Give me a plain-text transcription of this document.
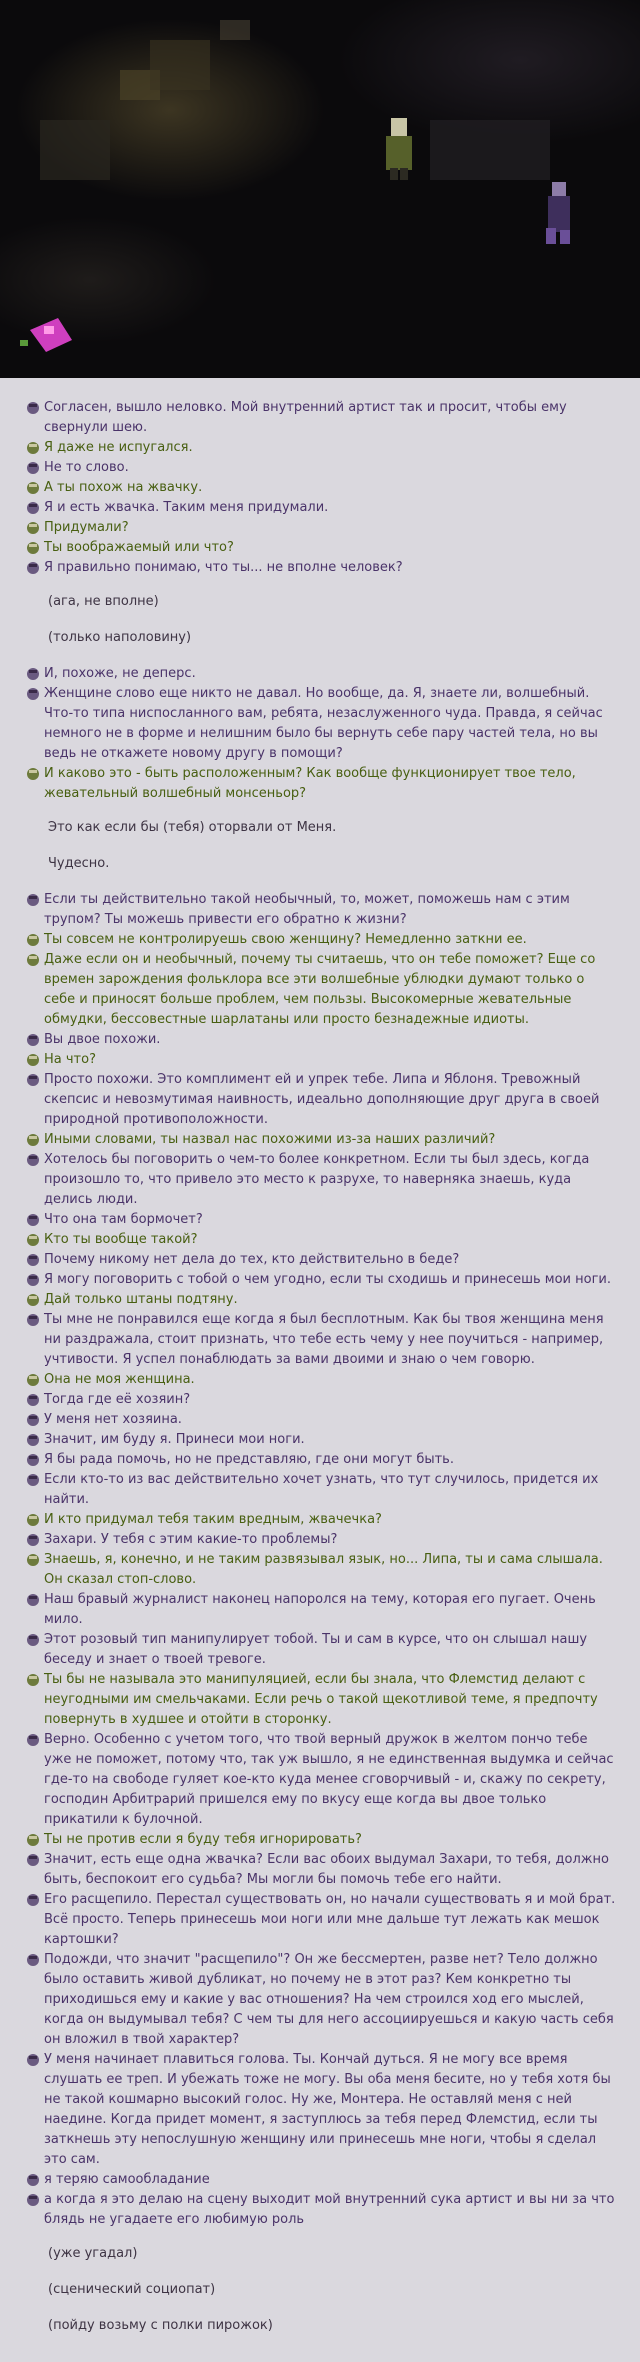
Согласен, вышло неловко. Мой внутренний артист так и просит, чтобы ему свернули шею.
Я даже не испугался.
Не то слово.
А ты похож на жвачку.
Я и есть жвачка. Таким меня придумали.
Придумали?
Ты воображаемый или что?
Я правильно понимаю, что ты... не вполне человек?
(ага, не вполне)
(только наполовину)
И, похоже, не деперс.
Женщине слово еще никто не давал. Но вообще, да. Я, знаете ли, волшебный. Что-то типа ниспосланного вам, ребята, незаслуженного чуда. Правда, я сейчас немного не в форме и нелишним было бы вернуть себе пару частей тела, но вы ведь не откажете новому другу в помощи?
И каково это - быть расположенным? Как вообще функционирует твое тело, жевательный волшебный монсеньор?
Это как если бы (тебя) оторвали от Меня.
Чудесно.
Если ты действительно такой необычный, то, может, поможешь нам с этим трупом? Ты можешь привести его обратно к жизни?
Ты совсем не контролируешь свою женщину? Немедленно заткни ее.
Даже если он и необычный, почему ты считаешь, что он тебе поможет? Еще со времен зарождения фольклора все эти волшебные ублюдки думают только о себе и приносят больше проблем, чем пользы. Высокомерные жевательные обмудки, бессовестные шарлатаны или просто безнадежные идиоты.
Вы двое похожи.
На что?
Просто похожи. Это комплимент ей и упрек тебе. Липа и Яблоня. Тревожный скепсис и невозмутимая наивность, идеально дополняющие друг друга в своей природной противоположности.
Иными словами, ты назвал нас похожими из-за наших различий?
Хотелось бы поговорить о чем-то более конкретном. Если ты был здесь, когда произошло то, что привело это место к разрухе, то наверняка знаешь, куда делись люди.
Что она там бормочет?
Кто ты вообще такой?
Почему никому нет дела до тех, кто действительно в беде?
Я могу поговорить с тобой о чем угодно, если ты сходишь и принесешь мои ноги.
Дай только штаны подтяну.
Ты мне не понравился еще когда я был бесплотным. Как бы твоя женщина меня ни раздражала, стоит признать, что тебе есть чему у нее поучиться - например, учтивости. Я успел понаблюдать за вами двоими и знаю о чем говорю.
Она не моя женщина.
Тогда где её хозяин?
У меня нет хозяина.
Значит, им буду я. Принеси мои ноги.
Я бы рада помочь, но не представляю, где они могут быть.
Если кто-то из вас действительно хочет узнать, что тут случилось, придется их найти.
И кто придумал тебя таким вредным, жвачечка?
Захари. У тебя с этим какие-то проблемы?
Знаешь, я, конечно, и не таким развязывал язык, но... Липа, ты и сама слышала. Он сказал стоп-слово.
Наш бравый журналист наконец напоролся на тему, которая его пугает. Очень мило.
Этот розовый тип манипулирует тобой. Ты и сам в курсе, что он слышал нашу беседу и знает о твоей тревоге.
Ты бы не называла это манипуляцией, если бы знала, что Флемстид делают с неугодными им смельчаками. Если речь о такой щекотливой теме, я предпочту повернуть в худшее и отойти в сторонку.
Верно. Особенно с учетом того, что твой верный дружок в желтом пончо тебе уже не поможет, потому что, так уж вышло, я не единственная выдумка и сейчас где-то на свободе гуляет кое-кто куда менее сговорчивый - и, скажу по секрету, господин Арбитрарий пришелся ему по вкусу еще когда вы двое только прикатили к булочной.
Ты не против если я буду тебя игнорировать?
Значит, есть еще одна жвачка? Если вас обоих выдумал Захари, то тебя, должно быть, беспокоит его судьба? Мы могли бы помочь тебе его найти.
Его расщепило. Перестал существовать он, но начали существовать я и мой брат. Всё просто. Теперь принесешь мои ноги или мне дальше тут лежать как мешок картошки?
Подожди, что значит "расщепило"? Он же бессмертен, разве нет? Тело должно было оставить живой дубликат, но почему не в этот раз? Кем конкретно ты приходишься ему и какие у вас отношения? На чем строился ход его мыслей, когда он выдумывал тебя? С чем ты для него ассоциируешься и какую часть себя он вложил в твой характер?
У меня начинает плавиться голова. Ты. Кончай дуться. Я не могу все время слушать ее треп. И убежать тоже не могу. Вы оба меня бесите, но у тебя хотя бы не такой кошмарно высокий голос. Ну же, Монтера. Не оставляй меня с ней наедине. Когда придет момент, я заступлюсь за тебя перед Флемстид, если ты заткнешь эту непослушную женщину или принесешь мне ноги, чтобы я сделал это сам.
я теряю самообладание
а когда я это делаю на сцену выходит мой внутренний сука артист и вы ни за что блядь не угадаете его любимую роль
(уже угадал)
(сценический социопат)
(пойду возьму с полки пирожок)
